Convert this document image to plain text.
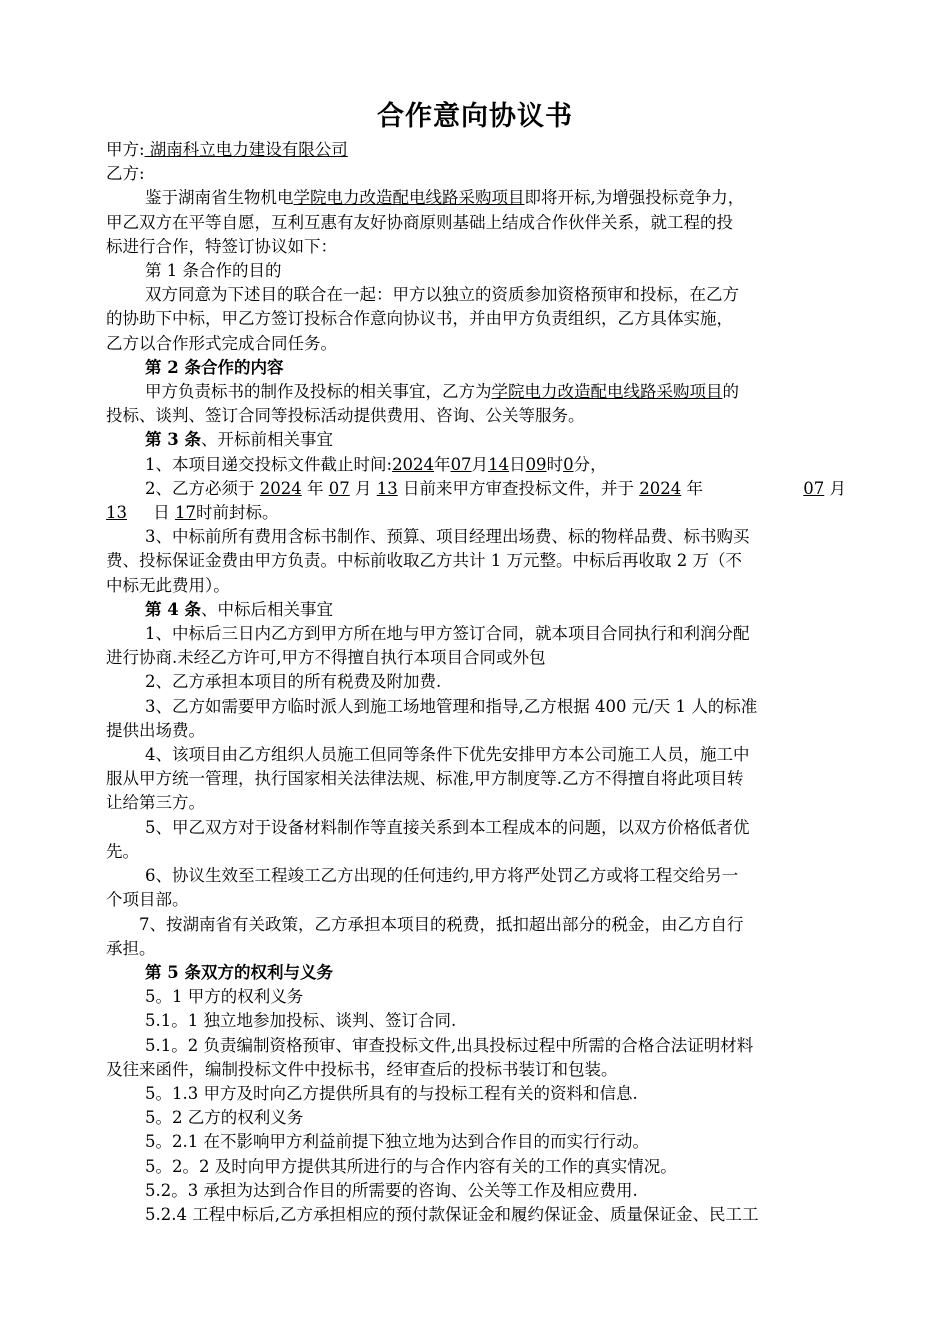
合作意向协议书
甲方: 湖南科立电力建设有限公司
乙方:
鉴于湖南省生物机电学院电力改造配电线路采购项目即将开标,为增强投标竞争力，
甲乙双方在平等自愿，互利互惠有友好协商原则基础上结成合作伙伴关系，就工程的投
标进行合作，特签订协议如下：
第 1 条合作的目的
双方同意为下述目的联合在一起：甲方以独立的资质参加资格预审和投标，在乙方
的协助下中标，甲乙方签订投标合作意向协议书，并由甲方负责组织，乙方具体实施，
乙方以合作形式完成合同任务。
第 2 条合作的内容
甲方负责标书的制作及投标的相关事宜，乙方为学院电力改造配电线路采购项目的
投标、谈判、签订合同等投标活动提供费用、咨询、公关等服务。
第 3 条、开标前相关事宜
1、本项目递交投标文件截止时间:2024年07月14日09时0分，
2、乙方必须于 2024 年 07 月 13 日前来甲方审查投标文件，并于 2024 年	07 月
13 日 17时前封标。
3、中标前所有费用含标书制作、预算、项目经理出场费、标的物样品费、标书购买
费、投标保证金费由甲方负责。中标前收取乙方共计 1 万元整。中标后再收取 2 万（不
中标无此费用）。
第 4 条、中标后相关事宜
1、中标后三日内乙方到甲方所在地与甲方签订合同，就本项目合同执行和利润分配
进行协商.未经乙方许可,甲方不得擅自执行本项目合同或外包
2、乙方承担本项目的所有税费及附加费.
3、乙方如需要甲方临时派人到施工场地管理和指导,乙方根据 400 元/天 1 人的标准
提供出场费。
4、该项目由乙方组织人员施工但同等条件下优先安排甲方本公司施工人员，施工中
服从甲方统一管理，执行国家相关法律法规、标准,甲方制度等.乙方不得擅自将此项目转
让给第三方。
5、甲乙双方对于设备材料制作等直接关系到本工程成本的问题，以双方价格低者优
先。
6、协议生效至工程竣工乙方出现的任何违约,甲方将严处罚乙方或将工程交给另一
个项目部。
7、按湖南省有关政策，乙方承担本项目的税费，抵扣超出部分的税金，由乙方自行
承担。
第 5 条双方的权利与义务
5。1 甲方的权利义务
5.1。1 独立地参加投标、谈判、签订合同.
5.1。2 负责编制资格预审、审查投标文件,出具投标过程中所需的合格合法证明材料
及往来函件，编制投标文件中投标书，经审查后的投标书装订和包装。
5。1.3 甲方及时向乙方提供所具有的与投标工程有关的资料和信息.
5。2 乙方的权利义务
5。2.1 在不影响甲方利益前提下独立地为达到合作目的而实行行动。
5。2。2 及时向甲方提供其所进行的与合作内容有关的工作的真实情况。
5.2。3 承担为达到合作目的所需要的咨询、公关等工作及相应费用.
5.2.4 工程中标后,乙方承担相应的预付款保证金和履约保证金、质量保证金、民工工
